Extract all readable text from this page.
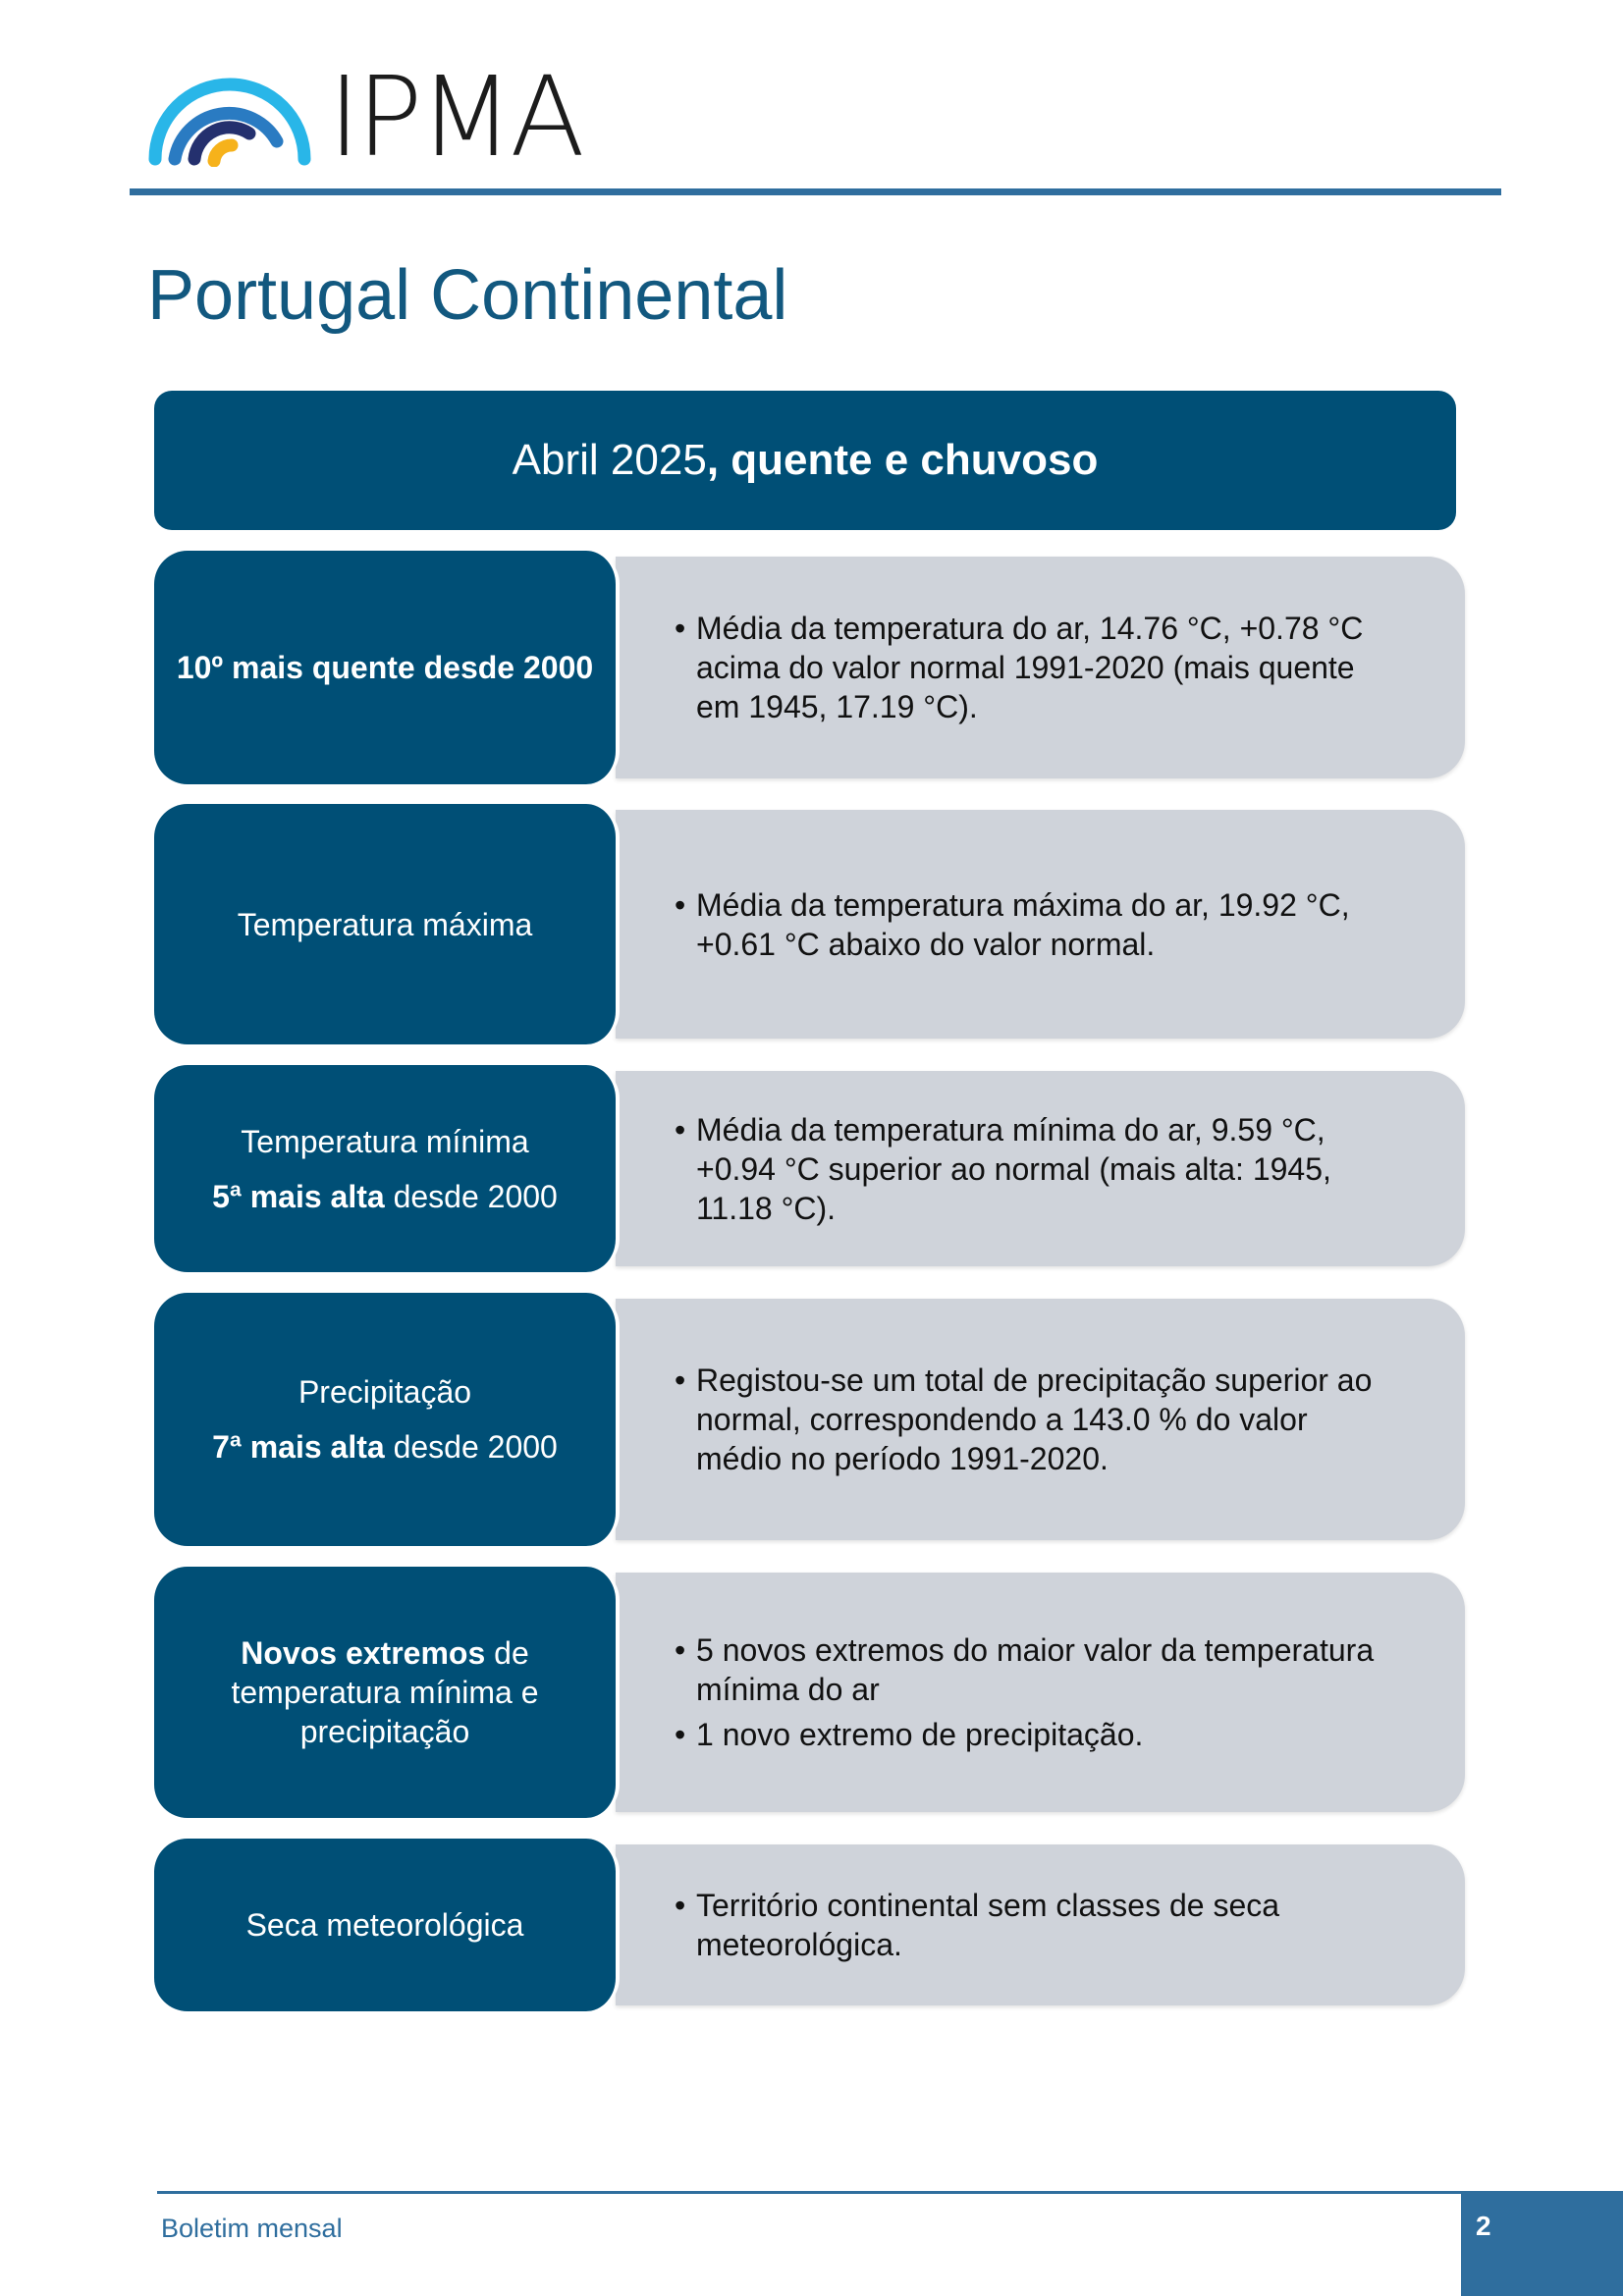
IPMA
Portugal Continental
Abril 2025 , quente e chuvoso
• Média da temperatura do ar, 14.76 °C, +0.78 °C acima do valor normal 1991-2020 (mais quente em 1945, 17.19 °C).
10º mais quente desde 2000
• Média da temperatura máxima do ar, 19.92 °C, +0.61 °C abaixo do valor normal.
Temperatura máxima
• Média da temperatura mínima do ar, 9.59 °C, +0.94 °C superior ao normal (mais alta: 1945, 11.18 °C).
Temperatura mínima
5ª mais alta desde 2000
• Registou-se um total de precipitação superior ao normal, correspondendo a 143.0 % do valor médio no período 1991-2020.
Precipitação
7ª mais alta desde 2000
• 5 novos extremos do maior valor da temperatura mínima do ar
• 1 novo extremo de precipitação.
Novos extremos de temperatura mínima e precipitação
• Território continental sem classes de seca meteorológica.
Seca meteorológica
Boletim mensal	2
